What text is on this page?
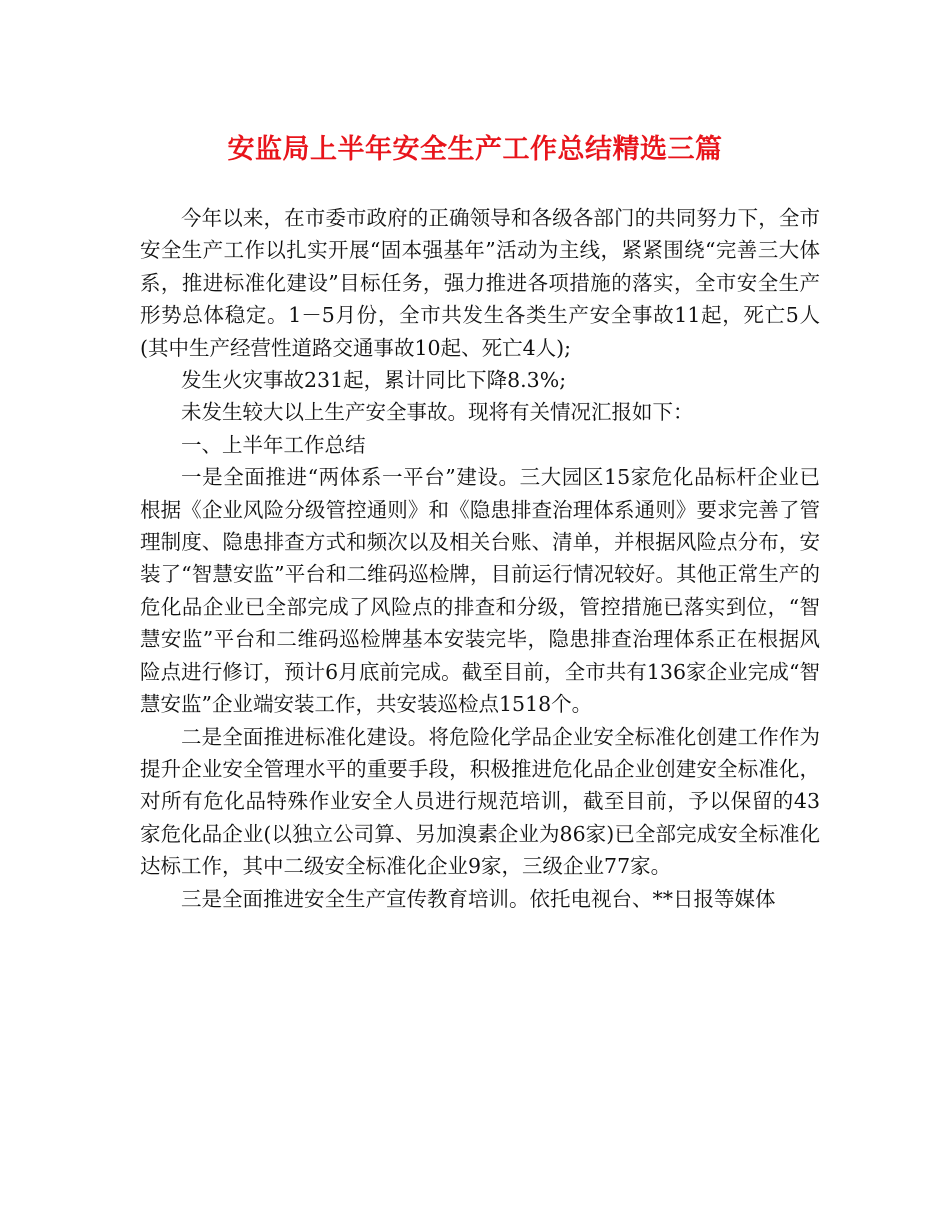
安监局上半年安全生产工作总结精选三篇

今年以来，在市委市政府的正确领导和各级各部门的共同努力下，全市安全生产工作以扎实开展“固本强基年”活动为主线，紧紧围绕“完善三大体系，推进标准化建设”目标任务，强力推进各项措施的落实，全市安全生产形势总体稳定。1－5月份，全市共发生各类生产安全事故11起，死亡5人(其中生产经营性道路交通事故10起、死亡4人);

发生火灾事故231起，累计同比下降8.3%;

未发生较大以上生产安全事故。现将有关情况汇报如下：

一、上半年工作总结

一是全面推进“两体系一平台”建设。三大园区15家危化品标杆企业已根据《企业风险分级管控通则》和《隐患排查治理体系通则》要求完善了管理制度、隐患排查方式和频次以及相关台账、清单，并根据风险点分布，安装了“智慧安监”平台和二维码巡检牌，目前运行情况较好。其他正常生产的危化品企业已全部完成了风险点的排查和分级，管控措施已落实到位，“智慧安监”平台和二维码巡检牌基本安装完毕，隐患排查治理体系正在根据风险点进行修订，预计6月底前完成。截至目前，全市共有136家企业完成“智慧安监”企业端安装工作，共安装巡检点1518个。

二是全面推进标准化建设。将危险化学品企业安全标准化创建工作作为提升企业安全管理水平的重要手段，积极推进危化品企业创建安全标准化，对所有危化品特殊作业安全人员进行规范培训，截至目前，予以保留的43家危化品企业(以独立公司算、另加溴素企业为86家)已全部完成安全标准化达标工作，其中二级安全标准化企业9家，三级企业77家。

三是全面推进安全生产宣传教育培训。依托电视台、**日报等媒体
